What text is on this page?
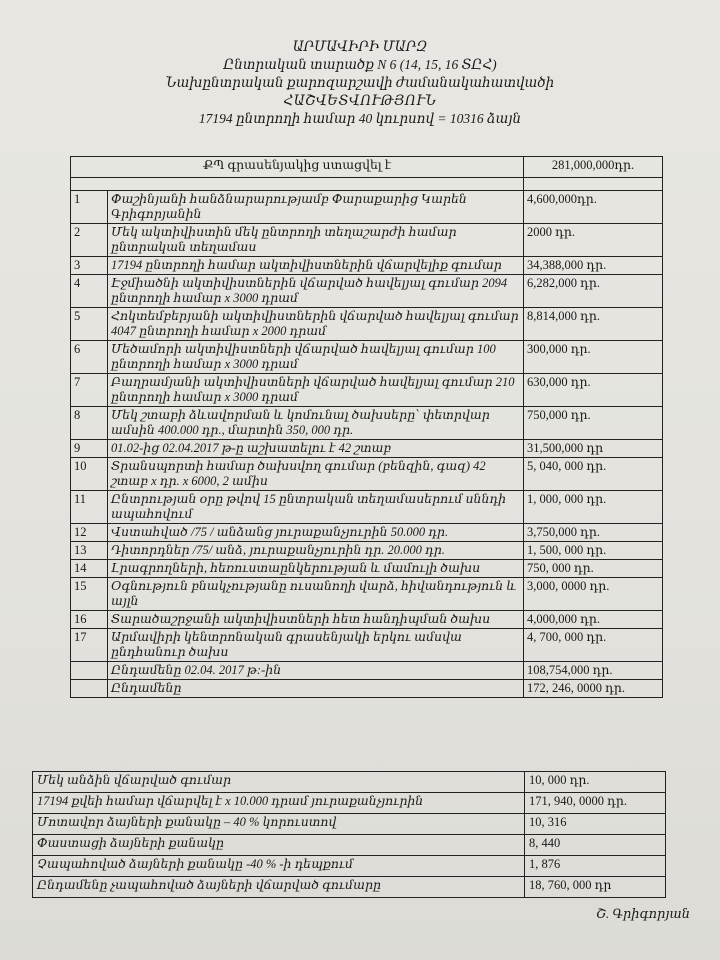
ԱՐՄԱՎԻՐԻ ՄԱՐԶ
Ընտրական տարածք N 6 (14, 15, 16 ՏԸՀ)
Նախընտրական քարոզարշավի ժամանակահատվածի
ՀԱՇՎԵՏՎՈՒԹՅՈՒՆ
17194 ընտրողի համար 40 կուրսով = 10316 ձայն
ՔՊ գրասենյակից ստացվել է		281,000,000դր.

1	Փաշինյանի հանձնարարությամբ Փարաքարից Կարեն Գրիգորյանին	4,600,000դր.
2	Մեկ ակտիվիստին մեկ ընտրողի տեղաշարժի համար ընտրական տեղամաս	2000 դր.
3	17194 ընտրողի համար ակտիվիստներին վճարվելիք գումար	34,388,000 դր.
4	Էջմիածնի ակտիվիստներին վճարված հավելյալ գումար 2094 ընտրողի համար x 3000 դրամ	6,282,000 դր.
5	Հոկտեմբերյանի ակտիվիստներին վճարված հավելյալ գումար 4047 ընտրողի համար x 2000 դրամ	8,814,000 դր.
6	Մեծամորի ակտիվիստների վճարված հավելյալ գումար 100 ընտրողի համար x 3000 դրամ	300,000 դր.
7	Բաղրամյանի ակտիվիստների վճարված հավելյալ գումար 210 ընտրողի համար x 3000 դրամ	630,000 դր.
8	Մեկ շտաբի ձևավորման և կոմունալ ծախսերը՝ փետրվար ամսին 400.000 դր., մարտին 350, 000 դր.	750,000 դր.
9	01.02-ից 02.04.2017 թ-ը աշխատելու է 42 շտաբ	31,500,000 դր
10	Տրանսպորտի համար ծախսվող գումար (բենզին, գազ) 42 շտաբ x դր. x 6000, 2 ամիս	5, 040, 000 դր.
11	Ընտրության օրը թվով 15 ընտրական տեղամասերում սննդի ապահովում	1, 000, 000 դր.
12	Վստահված /75 / անձանց յուրաքանչյուրին 50.000 դր.	3,750,000 դր.
13	Դիտորդներ /75/ անձ, յուրաքանչյուրին դր. 20.000 դր.	1, 500, 000 դր.
14	Լրագրողների, հեռուստաընկերության և մամուլի ծախս	750, 000 դր.
15	Օգնություն բնակչությանը ուսանողի վարձ, հիվանդություն և այլն	3,000, 0000 դր.
16	Տարածաշրջանի ակտիվիստների հետ հանդիպման ծախս	4,000,000 դր.
17	Արմավիրի կենտրոնական գրասենյակի երկու ամսվա ընդհանուր ծախս	4, 700, 000 դր.
	Ընդամենը 02.04. 2017 թ:-ին	108,754,000 դր.
	Ընդամենը	172, 246, 0000 դր.
Մեկ անձին վճարված գումար	10, 000 դր.
17194 քվեի համար վճարվել է x 10.000 դրամ յուրաքանչյուրին	171, 940, 0000 դր.
Մոտավոր ձայների քանակը – 40 % կորուստով	10, 316
Փաստացի ձայների քանակը	8, 440
Չապահոված ձայների քանակը -40 % -ի դեպքում	1, 876
Ընդամենը չապահոված ձայների վճարված գումարը	18, 760, 000 դր
Շ. Գրիգորյան
